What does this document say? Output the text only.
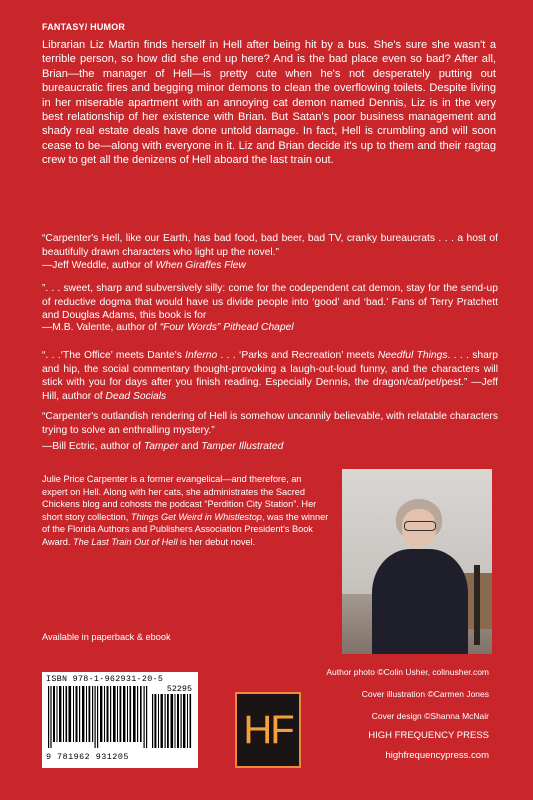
FANTASY/ HUMOR
Librarian Liz Martin finds herself in Hell after being hit by a bus. She's sure she wasn't a terrible person, so how did she end up here? And is the bad place even so bad? After all, Brian—the manager of Hell—is pretty cute when he's not desperately putting out bureaucratic fires and begging minor demons to clean the overflowing toilets. Despite living in her miserable apartment with an annoying cat demon named Dennis, Liz is in the very best relationship of her existence with Brian. But Satan's poor business management and shady real estate deals have done untold damage. In fact, Hell is crumbling and will soon cease to be—along with everyone in it. Liz and Brian decide it's up to them and their ragtag crew to get all the denizens of Hell aboard the last train out.
“Carpenter's Hell, like our Earth, has bad food, bad beer, bad TV, cranky bureaucrats . . . a host of beautifully drawn characters who light up the novel.”
—Jeff Weddle, author of When Giraffes Flew
”. . . sweet, sharp and subversively silly: come for the codependent cat demon, stay for the send-up of reductive dogma that would have us divide people into ‘good’ and ‘bad.’ Fans of Terry Pratchett and Douglas Adams, this book is for
—M.B. Valente, author of “Four Words” Pithead Chapel
“. . .‘The Office’ meets Dante's Inferno . . . ‘Parks and Recreation’ meets Needful Things. . . . sharp and hip, the social commentary thought-provoking a laugh-out-loud funny, and the characters will stick with you for days after you finish reading. Especially Dennis, the dragon/cat/pet/pest.” —Jeff Hill, author of Dead Socials
“Carpenter's outlandish rendering of Hell is somehow uncannily believable, with relatable characters trying to solve an enthralling mystery.”
—Bill Ectric, author of Tamper and Tamper Illustrated
Julie Price Carpenter is a former evangelical—and therefore, an expert on Hell. Along with her cats, she administrates the Sacred Chickens blog and cohosts the podcast “Perdition City Station”. Her short story collection, Things Get Weird in Whistlestop, was the winner of the Florida Authors and Publishers Association President's Book Award. The Last Train Out of Hell is her debut novel.
Available in paperback & ebook
Author photo ©Colin Usher, colinusher.com
Cover illustration ©Carmen Jones
Cover design ©Shanna McNair
ISBN 978-1-962931-20-5
52295
9 781962 931205
HF	HIGH FREQUENCY PRESS
highfrequencypress.com
